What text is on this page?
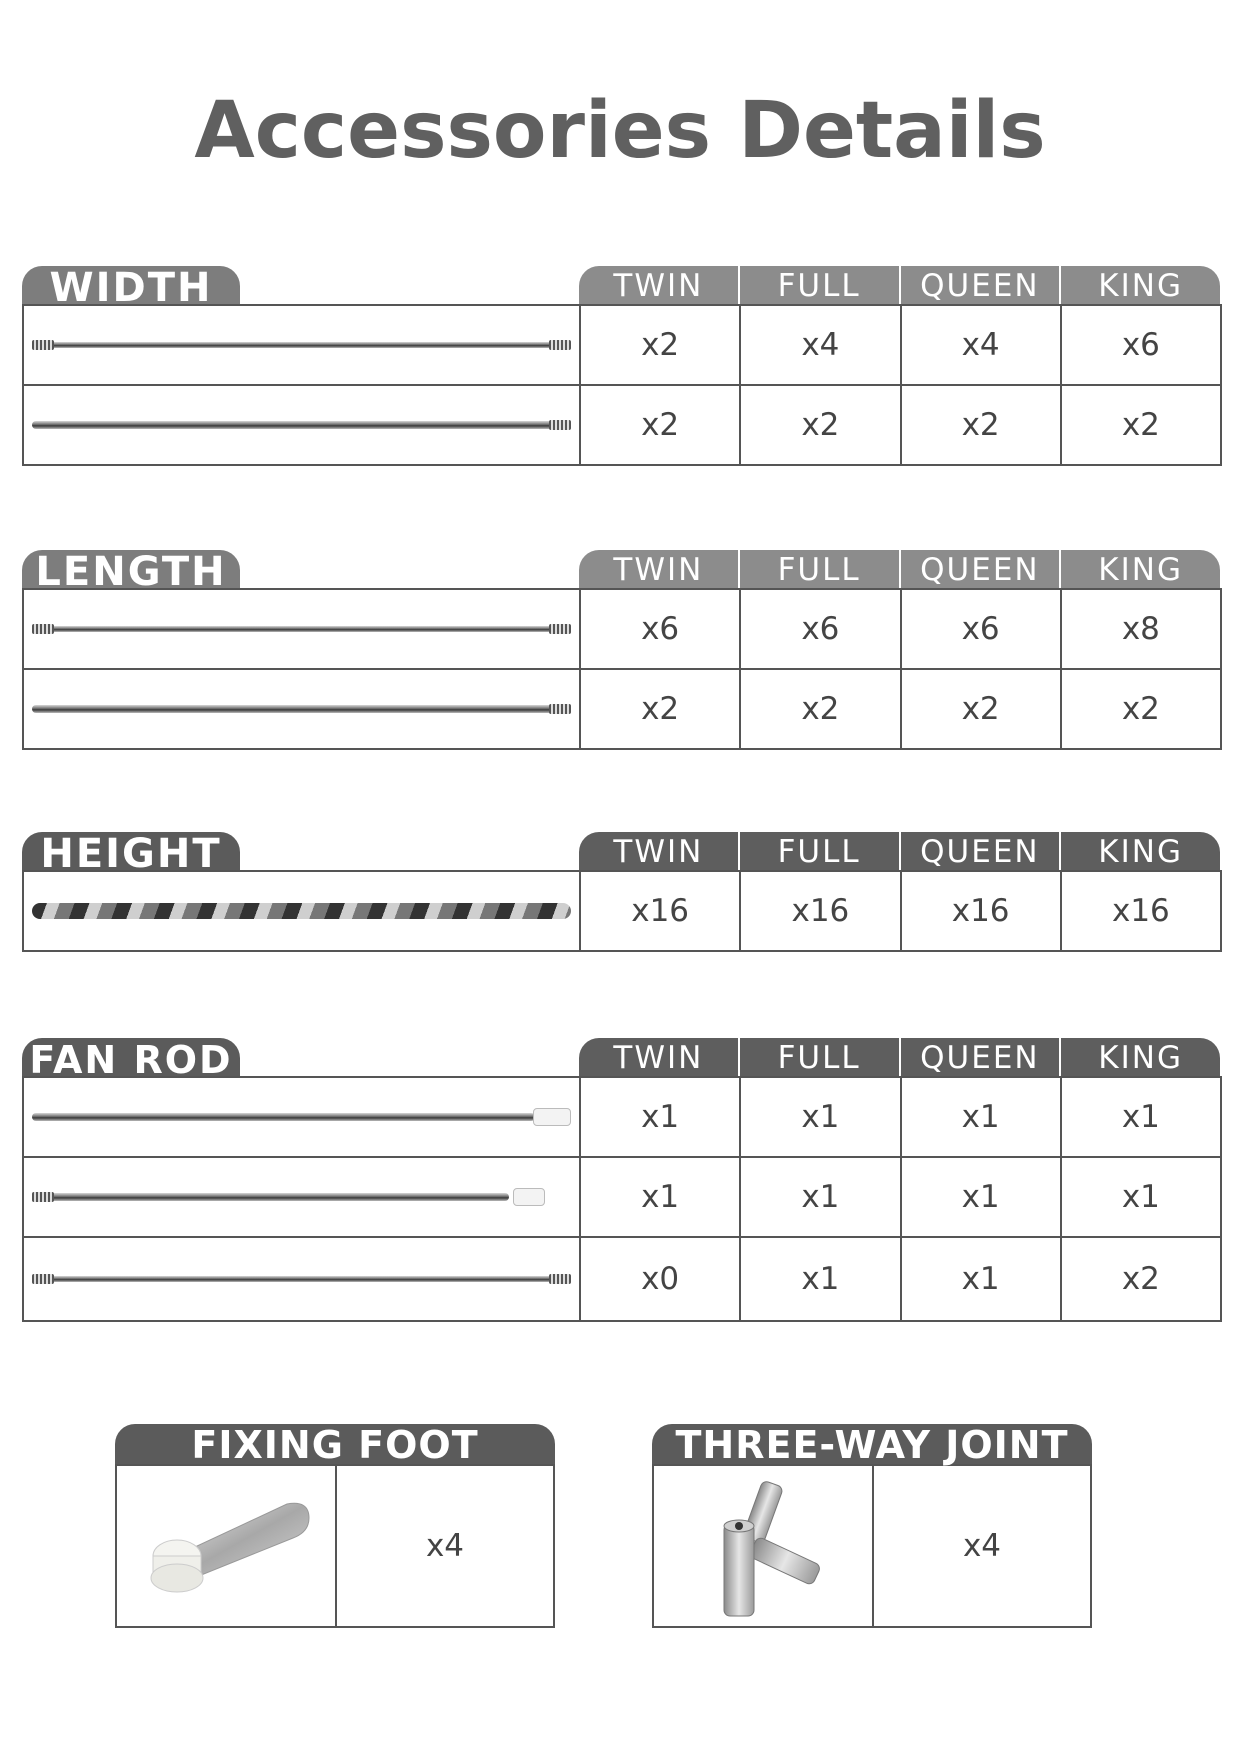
Accessories Details
WIDTH	TWIN	FULL	QUEEN	KING
x2	x4	x4	x6
x2	x2	x2	x2
LENGTH	TWIN	FULL	QUEEN	KING
x6	x6	x6	x8
x2	x2	x2	x2
HEIGHT	TWIN	FULL	QUEEN	KING
x16	x16	x16	x16
FAN ROD	TWIN	FULL	QUEEN	KING
x1	x1	x1	x1
x1	x1	x1	x1
x0	x1	x1	x2
FIXING FOOT
x4
THREE-WAY JOINT
x4
